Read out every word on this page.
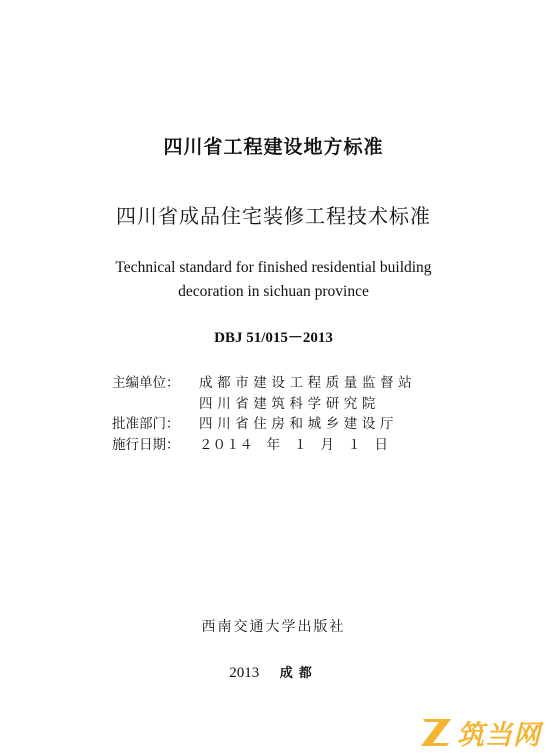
四川省工程建设地方标准
四川省成品住宅装修工程技术标准
Technical standard for finished residential building
decoration in sichuan province
DBJ 51/015－2013
主编单位：	成都市建设工程质量监督站
四川省建筑科学研究院
批准部门：	四川省住房和城乡建设厅
施行日期：	２０１４　年　１　月　１　日
西南交通大学出版社
2013 成都
筑当网
